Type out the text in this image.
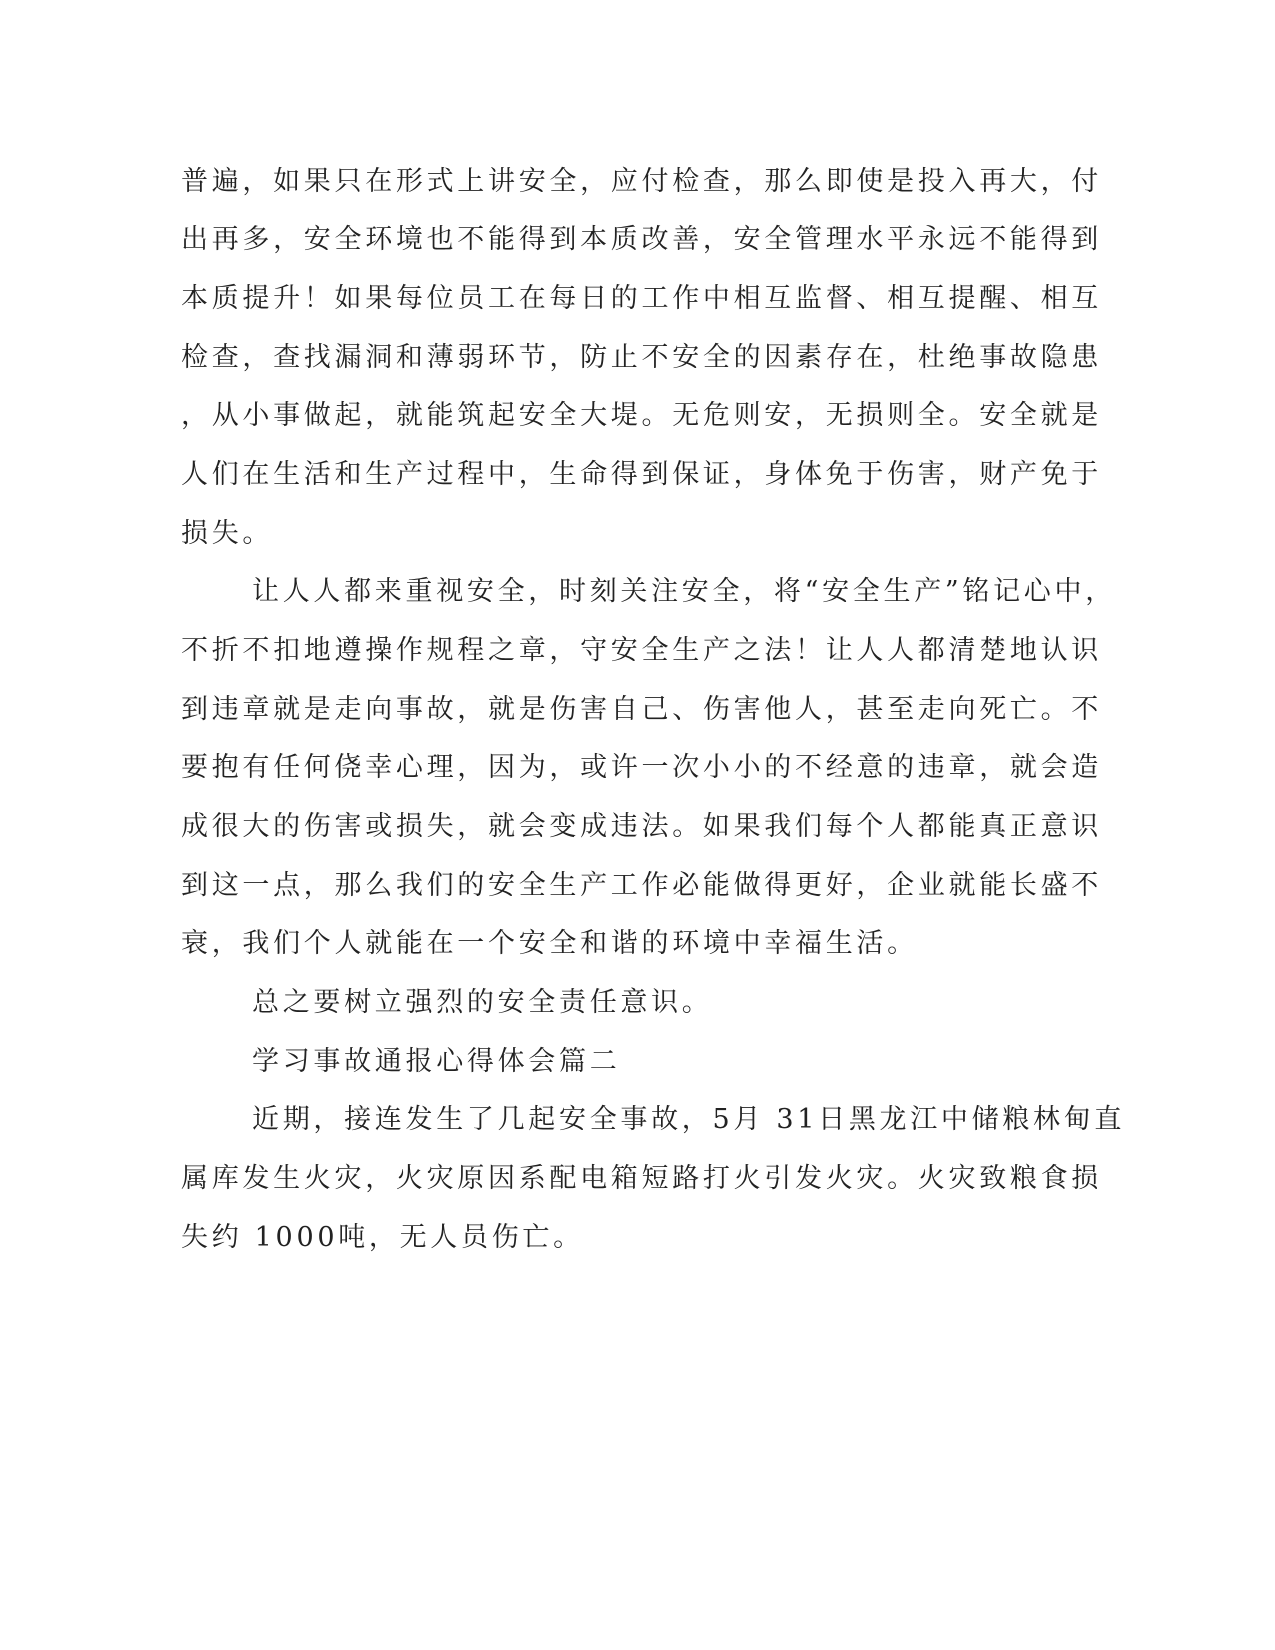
普遍，如果只在形式上讲安全，应付检查，那么即使是投入再大，付
出再多，安全环境也不能得到本质改善，安全管理水平永远不能得到
本质提升！如果每位员工在每日的工作中相互监督、相互提醒、相互
检查，查找漏洞和薄弱环节，防止不安全的因素存在，杜绝事故隐患
，从小事做起，就能筑起安全大堤。无危则安，无损则全。安全就是
人们在生活和生产过程中，生命得到保证，身体免于伤害，财产免于
损失。
让人人都来重视安全，时刻关注安全，将“安全生产”铭记心中，
不折不扣地遵操作规程之章，守安全生产之法！让人人都清楚地认识
到违章就是走向事故，就是伤害自己、伤害他人，甚至走向死亡。不
要抱有任何侥幸心理，因为，或许一次小小的不经意的违章，就会造
成很大的伤害或损失，就会变成违法。如果我们每个人都能真正意识
到这一点，那么我们的安全生产工作必能做得更好，企业就能长盛不
衰，我们个人就能在一个安全和谐的环境中幸福生活。
总之要树立强烈的安全责任意识。
学习事故通报心得体会篇二
近期，接连发生了几起安全事故，5月 31日黑龙江中储粮林甸直
属库发生火灾，火灾原因系配电箱短路打火引发火灾。火灾致粮食损
失约 1000吨，无人员伤亡。
